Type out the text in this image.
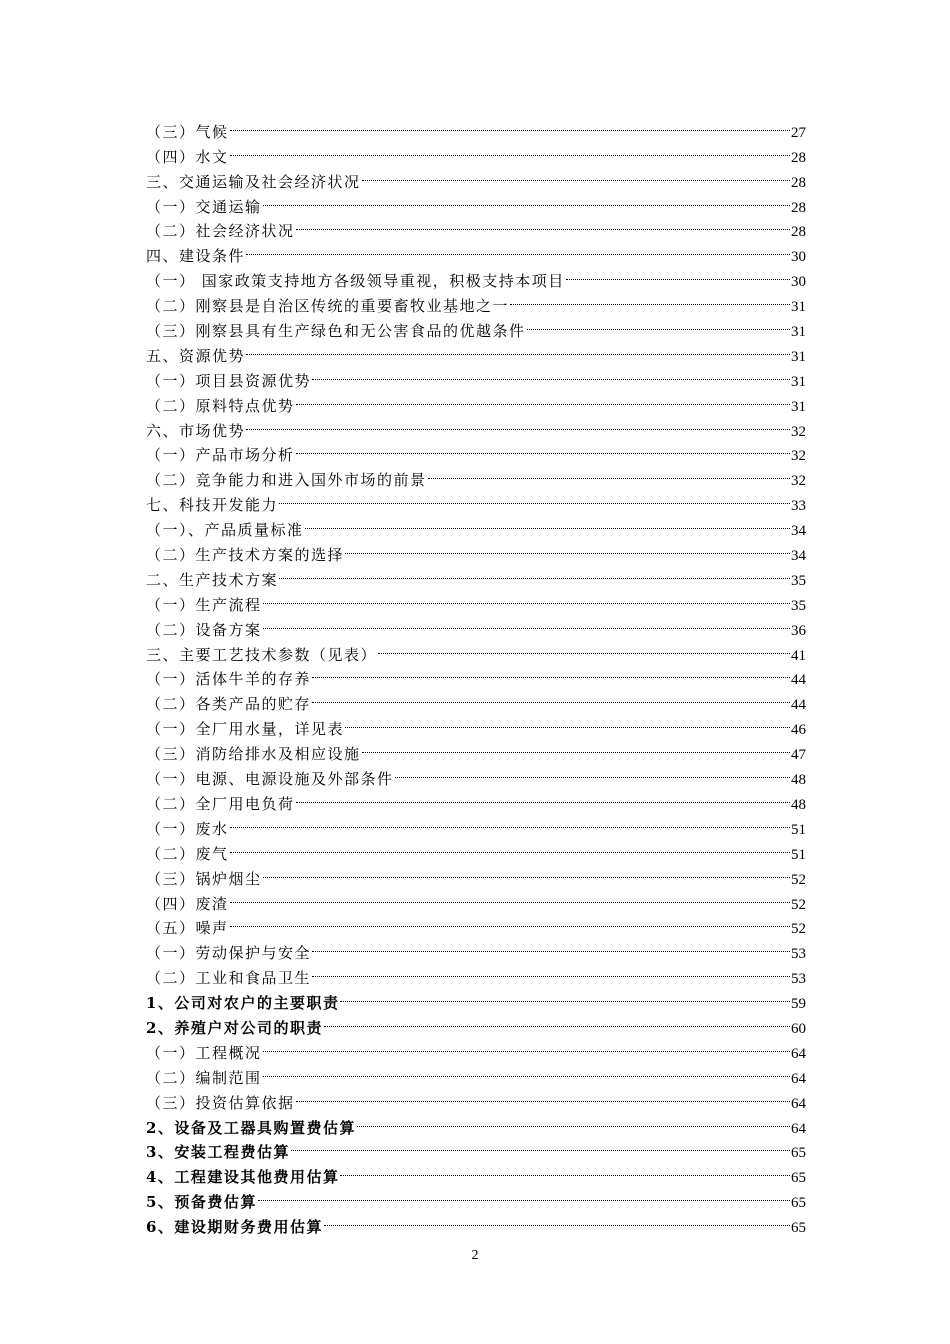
（三）气候	27
（四）水文	28
三、交通运输及社会经济状况	28
（一）交通运输	28
（二）社会经济状况	28
四、建设条件	30
（一） 国家政策支持地方各级领导重视，积极支持本项目	30
（二）刚察县是自治区传统的重要畜牧业基地之一	31
（三）刚察县具有生产绿色和无公害食品的优越条件	31
五、资源优势	31
（一）项目县资源优势	31
（二）原料特点优势	31
六、市场优势	32
（一）产品市场分析	32
（二）竞争能力和进入国外市场的前景	32
七、科技开发能力	33
（一）、产品质量标准	34
（二）生产技术方案的选择	34
二、生产技术方案	35
（一）生产流程	35
（二）设备方案	36
三、主要工艺技术参数（见表）	41
（一）活体牛羊的存养	44
（二）各类产品的贮存	44
（一）全厂用水量，详见表	46
（三）消防给排水及相应设施	47
（一）电源、电源设施及外部条件	48
（二）全厂用电负荷	48
（一）废水	51
（二）废气	51
（三）锅炉烟尘	52
（四）废渣	52
（五）噪声	52
（一）劳动保护与安全	53
（二）工业和食品卫生	53
1、公司对农户的主要职责	59
2、养殖户对公司的职责	60
（一）工程概况	64
（二）编制范围	64
（三）投资估算依据	64
2、设备及工器具购置费估算	64
3、安装工程费估算	65
4、工程建设其他费用估算	65
5、预备费估算	65
6、建设期财务费用估算	65
2
